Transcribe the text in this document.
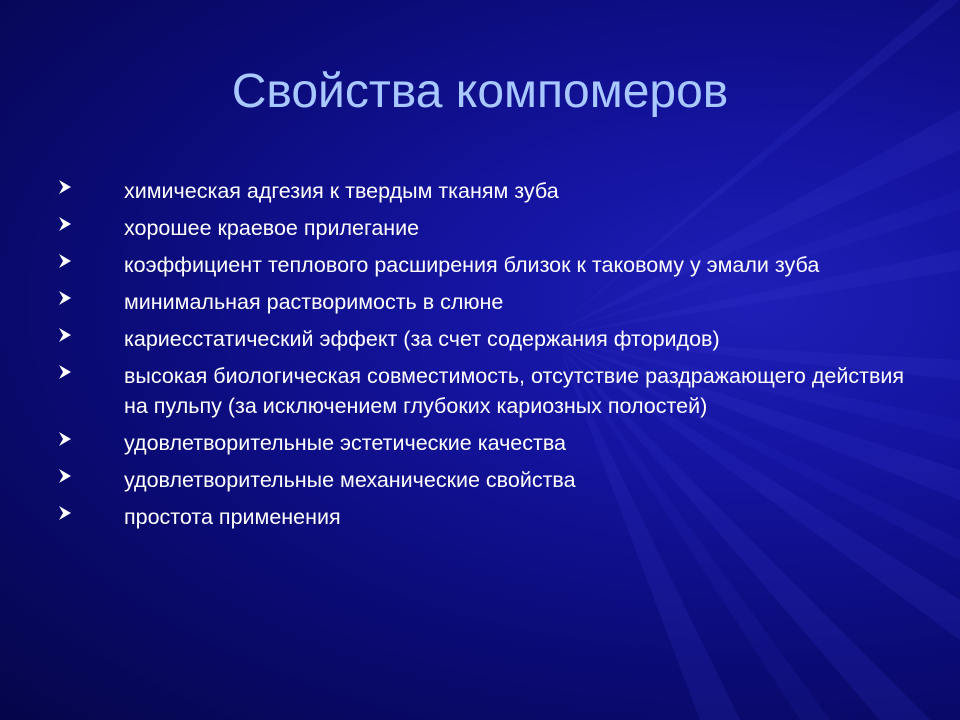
Свойства компомеров
химическая адгезия к твердым тканям зуба
хорошее краевое прилегание
коэффициент теплового расширения близок к таковому у эмали зуба
минимальная растворимость в слюне
кариесстатический эффект (за счет содержания фторидов)
высокая биологическая совместимость, отсутствие раздражающего действия на пульпу (за исключением глубоких кариозных полостей)
удовлетворительные эстетические качества
удовлетворительные механические свойства
простота применения
